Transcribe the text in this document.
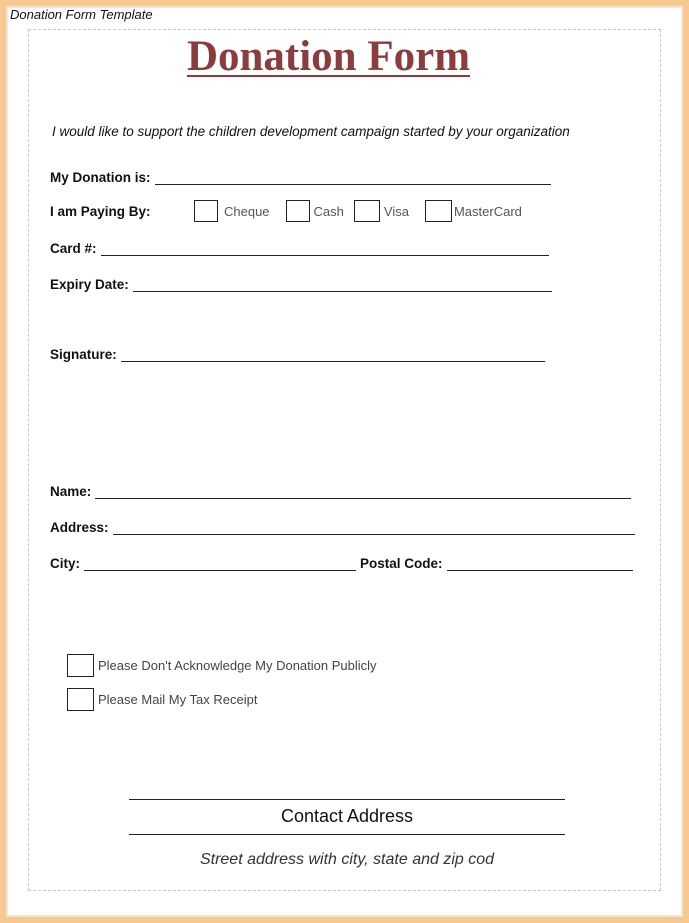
Donation Form Template
Donation Form
I would like to support the children development campaign started by your organization
My Donation is:
I am Paying By:	Cheque	Cash	Visa	MasterCard
Card #:
Expiry Date:
Signature:
Name:
Address:
City:	Postal Code:
Please Don't Acknowledge My Donation Publicly
Please Mail My Tax Receipt
Contact Address
Street address with city, state and zip cod
